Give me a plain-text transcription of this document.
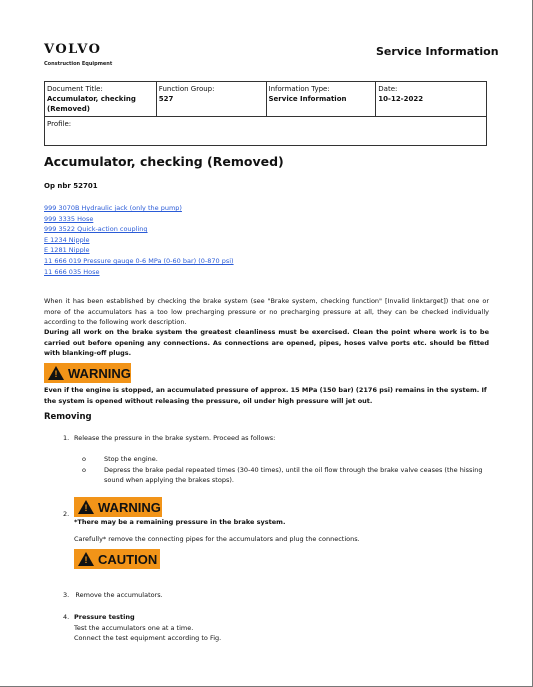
VOLVO
Construction Equipment
Service Information
Document Title:
Accumulator, checking
(Removed)

Function Group:
527

Information Type:
Service Information

Date:
10-12-2022

Profile:
Accumulator, checking (Removed)
Op nbr 52701
999 3070B Hydraulic jack (only the pump)
999 3335 Hose
999 3522 Quick-action coupling
E 1234 Nipple
E 1281 Nipple
11 666 019 Pressure gauge 0-6 MPa (0-60 bar) (0-870 psi)
11 666 035 Hose
When it has been established by checking the brake system (see "Brake system, checking function" [Invalid linktarget]) that one or more of the accumulators has a too low precharging pressure or no precharging pressure at all, they can be checked individually according to the following work description.
During all work on the brake system the greatest cleanliness must be exercised. Clean the point where work is to be carried out before opening any connections. As connections are opened, pipes, hoses valve ports etc. should be fitted with blanking-off plugs.
! WARNING
Even if the engine is stopped, an accumulated pressure of approx. 15 MPa (150 bar) (2176 psi) remains in the system. If the system is opened without releasing the pressure, oil under high pressure will jet out.
Removing
1. Release the pressure in the brake system. Proceed as follows:
o	Stop the engine.
o	Depress the brake pedal repeated times (30-40 times), until the oil flow through the brake valve ceases (the hissing sound when applying the brakes stops).
2.
! WARNING
*There may be a remaining pressure in the brake system.
Carefully* remove the connecting pipes for the accumulators and plug the connections.
! CAUTION
3. Remove the accumulators.
4. Pressure testing
Test the accumulators one at a time.
Connect the test equipment according to Fig.
